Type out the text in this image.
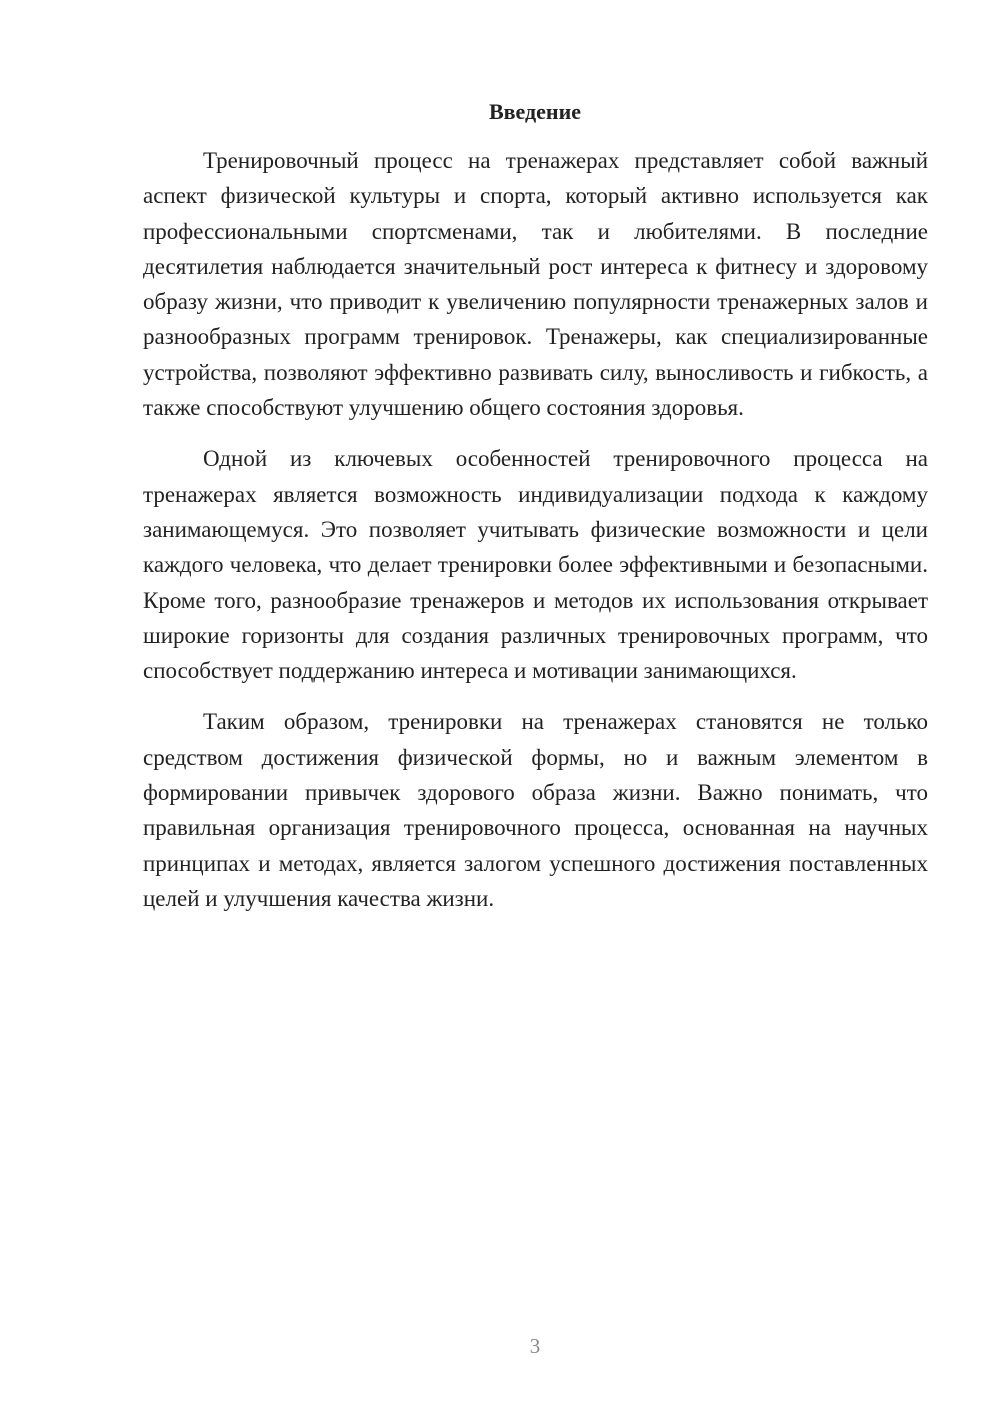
Введение

Тренировочный процесс на тренажерах представляет собой важный аспект физической культуры и спорта, который активно используется как профессиональными спортсменами, так и любителями. В последние десятилетия наблюдается значительный рост интереса к фитнесу и здоровому образу жизни, что приводит к увеличению популярности тренажерных залов и разнообразных программ тренировок. Тренажеры, как специализированные устройства, позволяют эффективно развивать силу, выносливость и гибкость, а также способствуют улучшению общего состояния здоровья.

Одной из ключевых особенностей тренировочного процесса на тренажерах является возможность индивидуализации подхода к каждому занимающемуся. Это позволяет учитывать физические возможности и цели каждого человека, что делает тренировки более эффективными и безопасными. Кроме того, разнообразие тренажеров и методов их использования открывает широкие горизонты для создания различных тренировочных программ, что способствует поддержанию интереса и мотивации занимающихся.

Таким образом, тренировки на тренажерах становятся не только средством достижения физической формы, но и важным элементом в формировании привычек здорового образа жизни. Важно понимать, что правильная организация тренировочного процесса, основанная на научных принципах и методах, является залогом успешного достижения поставленных целей и улучшения качества жизни.

3
